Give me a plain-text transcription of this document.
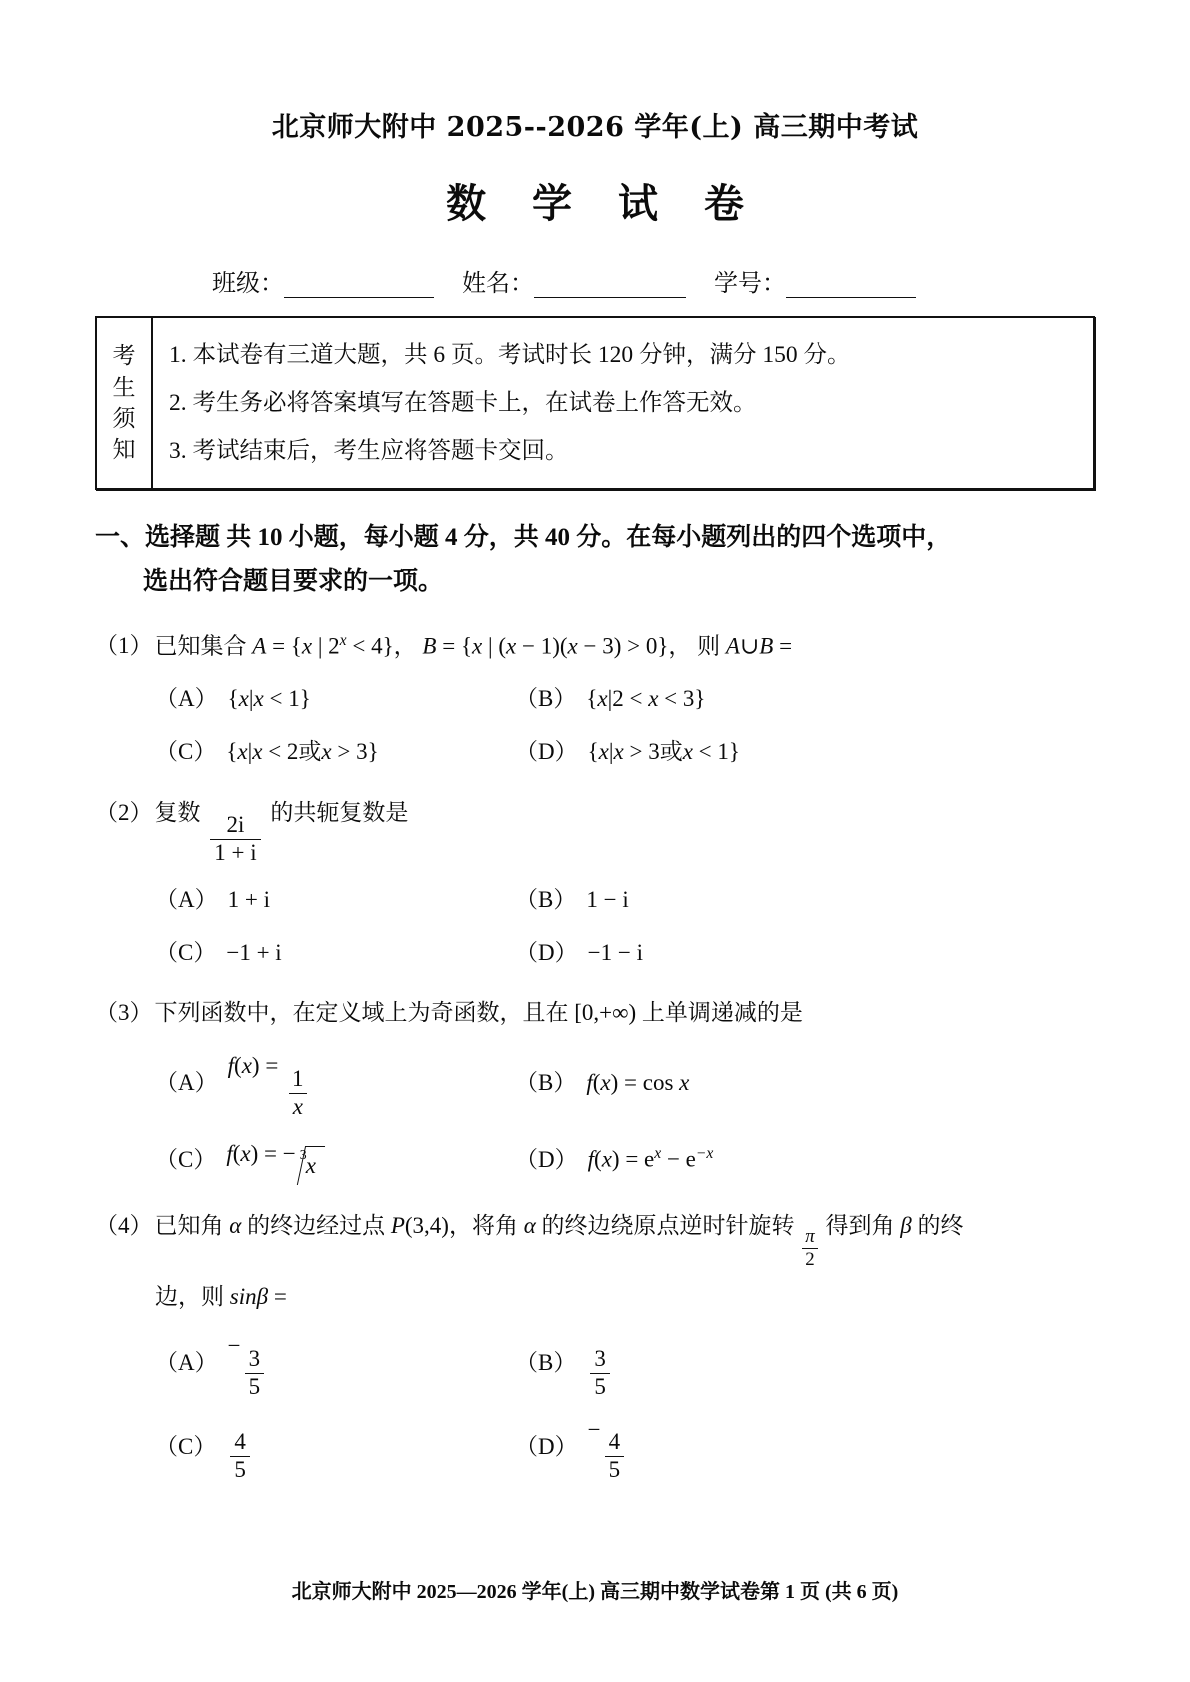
北京师大附中 2025--2026 学年(上) 高三期中考试
数 学 试 卷
班级：	姓名：	学号：
考
生
须
知
1. 本试卷有三道大题，共 6 页。考试时长 120 分钟，满分 150 分。
2. 考生务必将答案填写在答题卡上，在试卷上作答无效。
3. 考试结束后，考生应将答题卡交回。
一、选择题 共 10 小题，每小题 4 分，共 40 分。在每小题列出的四个选项中，
选出符合题目要求的一项。
（1）已知集合 A = {x | $2^x < 4$}， B = {x | (x − 1)(x − 3) > 0}， 则 A∪B =
（A） {x|x < 1}	（B） {x|2 < x < 3}
（C） {x|x < 2或x > 3}	（D） {x|x > 3或x < 1}
（2）复数
$\frac{2i}{1 + i}$
的共轭复数是
（A） 1 + i	（B） 1 − i
（C） −1 + i	（D） −1 − i
（3）下列函数中，在定义域上为奇函数，且在 [0,+∞) 上单调递减的是
（A）
f(x) =
$\frac{1}{x}$	（B） f(x) = cos x
（C） f(x) = − 3
x	（D） $f(x) = e^x - e^{-x}$
（4）已知角 α 的终边经过点 P(3,4)，将角 α 的终边绕原点逆时针旋转
$\frac{\pi}{2}$
得到角 β 的终
边，则 sinβ =
（A）
−
$\frac{3}{5}$	$(B) \frac{3}{5}$
$(C) \frac{4}{5}$	（D）
−
$\frac{4}{5}$
北京师大附中 2025—2026 学年(上) 高三期中数学试卷第 1 页 (共 6 页)
